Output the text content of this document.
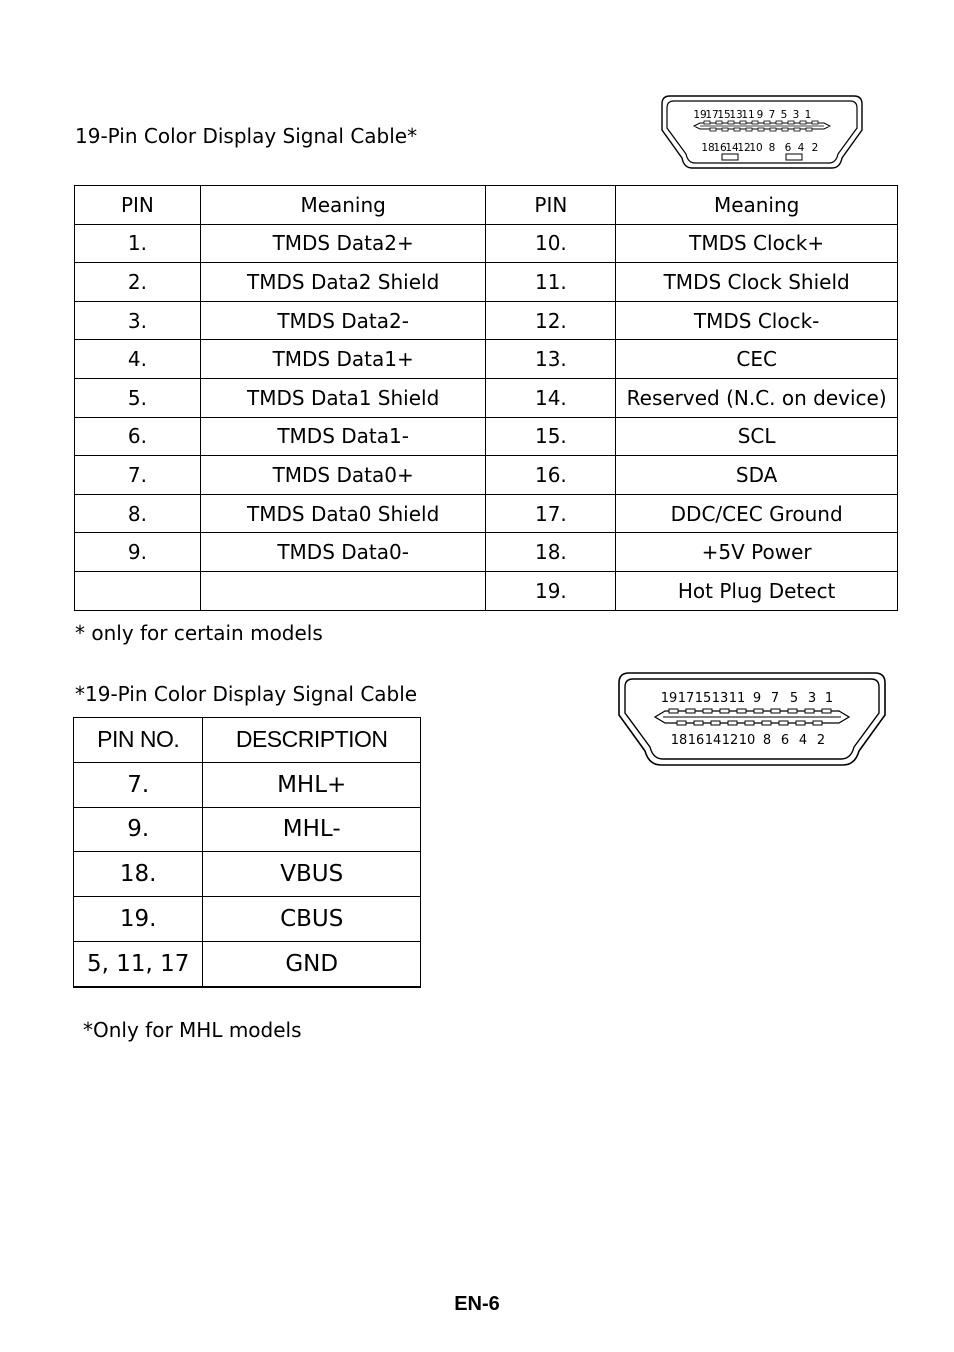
19-Pin Color Display Signal Cable*
19
17
15
13
11 9 7 5 3 1
18
16
14
12
10 8 6 4 2
PIN	Meaning	PIN	Meaning
1.	TMDS Data2+	10.	TMDS Clock+
2.	TMDS Data2 Shield	11.	TMDS Clock Shield
3.	TMDS Data2-	12.	TMDS Clock-
4.	TMDS Data1+	13.	CEC
5.	TMDS Data1 Shield	14.	Reserved (N.C. on device)
6.	TMDS Data1-	15.	SCL
7.	TMDS Data0+	16.	SDA
8.	TMDS Data0 Shield	17.	DDC/CEC Ground
9.	TMDS Data0-	18.	+5V Power
		19.	Hot Plug Detect
* only for certain models
*19-Pin Color Display Signal Cable	19 17 15 13 11 9 7 5 3 1
18 16 14 12 10 8 6 4 2
PIN NO.	DESCRIPTION
7.	MHL+
9.	MHL-
18.	VBUS
19.	CBUS
5, 11, 17	GND
*Only for MHL models
EN-6
